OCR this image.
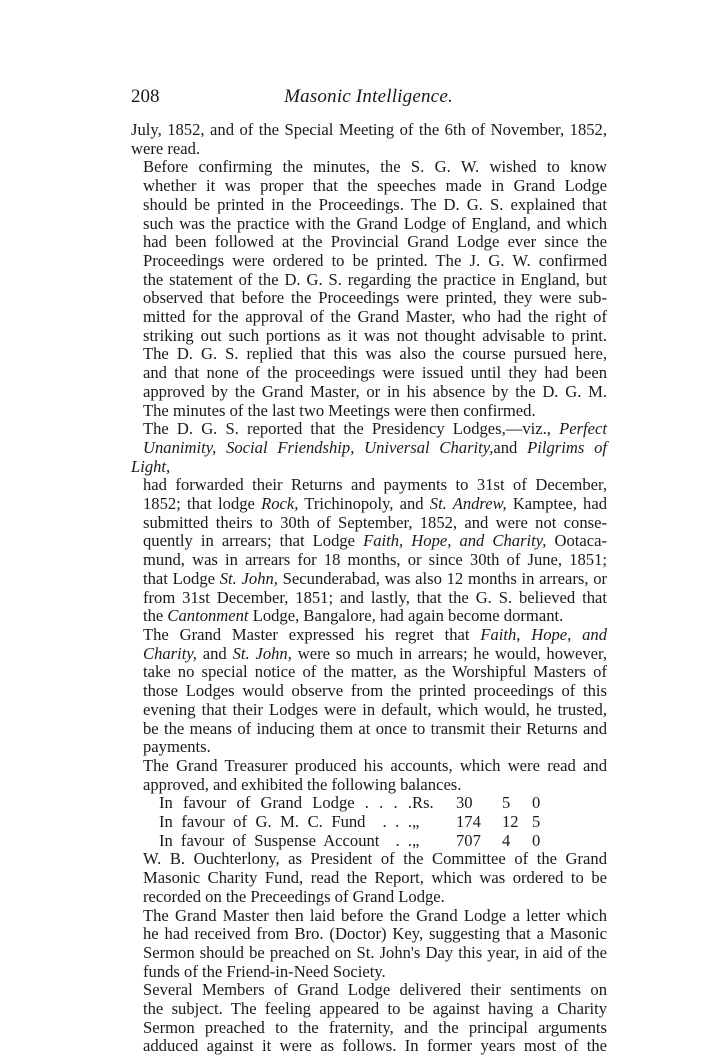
208	Masonic Intelligence.

July, 1852, and of the Special Meeting of the 6th of November, 1852,
were read.

Before confirming the minutes, the S. G. W. wished to know
whether it was proper that the speeches made in Grand Lodge
should be printed in the Proceedings. The D. G. S. explained that
such was the practice with the Grand Lodge of England, and which
had been followed at the Provincial Grand Lodge ever since the
Proceedings were ordered to be printed. The J. G. W. confirmed
the statement of the D. G. S. regarding the practice in England, but
observed that before the Proceedings were printed, they were sub-
mitted for the approval of the Grand Master, who had the right of
striking out such portions as it was not thought advisable to print.
The D. G. S. replied that this was also the course pursued here,
and that none of the proceedings were issued until they had been
approved by the Grand Master, or in his absence by the D. G. M.
The minutes of the last two Meetings were then confirmed.

The D. G. S. reported that the Presidency Lodges,—viz., Perfect
Unanimity, Social Friendship, Universal Charity,and Pilgrims of Light,
had forwarded their Returns and payments to 31st of December,
1852; that lodge Rock, Trichinopoly, and St. Andrew, Kamptee, had
submitted theirs to 30th of September, 1852, and were not conse-
quently in arrears; that Lodge Faith, Hope, and Charity, Ootaca-
mund, was in arrears for 18 months, or since 30th of June, 1851;
that Lodge St. John, Secunderabad, was also 12 months in arrears, or
from 31st December, 1851; and lastly, that the G. S. believed that
the Cantonment Lodge, Bangalore, had again become dormant.

The Grand Master expressed his regret that Faith, Hope, and
Charity, and St. John, were so much in arrears; he would, however,
take no special notice of the matter, as the Worshipful Masters of
those Lodges would observe from the printed proceedings of this
evening that their Lodges were in default, which would, he trusted,
be the means of inducing them at once to transmit their Returns and
payments.

The Grand Treasurer produced his accounts, which were read and
approved, and exhibited the following balances.

In favour of Grand Lodge . . . .	Rs.	30	5	0
In favour of G. M. C. Fund  . . .	„	174	12	5
In favour of Suspense Account  . .	„	707	4	0

W. B. Ouchterlony, as President of the Committee of the Grand
Masonic Charity Fund, read the Report, which was ordered to be
recorded on the Preceedings of Grand Lodge.

The Grand Master then laid before the Grand Lodge a letter which
he had received from Bro. (Doctor) Key, suggesting that a Masonic
Sermon should be preached on St. John's Day this year, in aid of the
funds of the Friend-in-Need Society.

Several Members of Grand Lodge delivered their sentiments on
the subject. The feeling appeared to be against having a Charity
Sermon preached to the fraternity, and the principal arguments
adduced against it were as follows. In former years most of the
